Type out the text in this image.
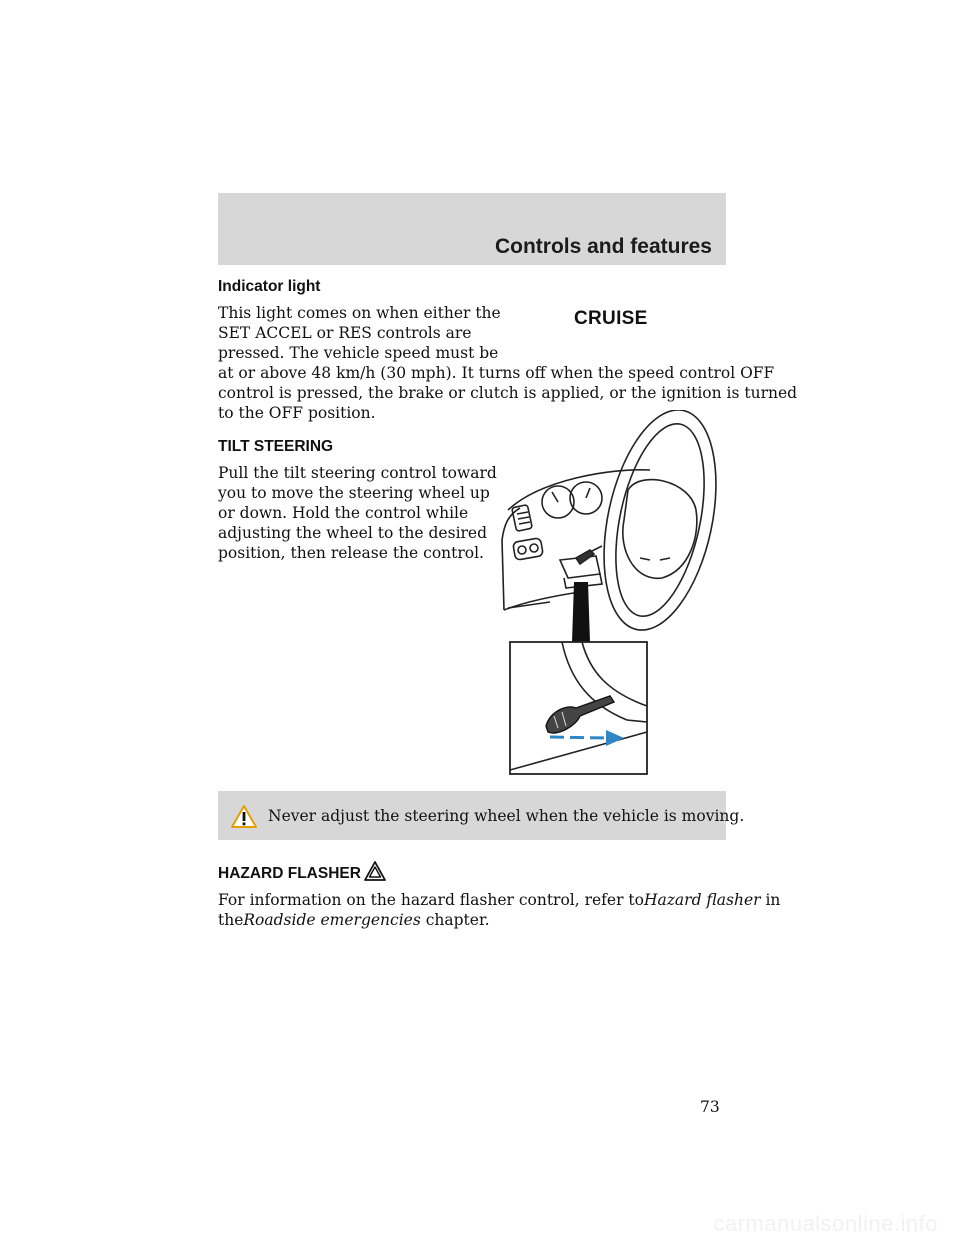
Controls and features
Indicator light

This light comes on when either the

SET ACCEL or RES controls are

pressed. The vehicle speed must be

at or above 48 km/h (30 mph). It turns off when the speed control OFF

control is pressed, the brake or clutch is applied, or the ignition is turned

to the OFF position.

CRUISE
TILT STEERING

Pull the tilt steering control toward

you to move the steering wheel up

or down. Hold the control while

adjusting the wheel to the desired

position, then release the control.

Never adjust the steering wheel when the vehicle is moving.

HAZARD FLASHER

For information on the hazard flasher control, refer toHazard flasher in

theRoadside emergencies chapter.

73
carmanualsonline.info
